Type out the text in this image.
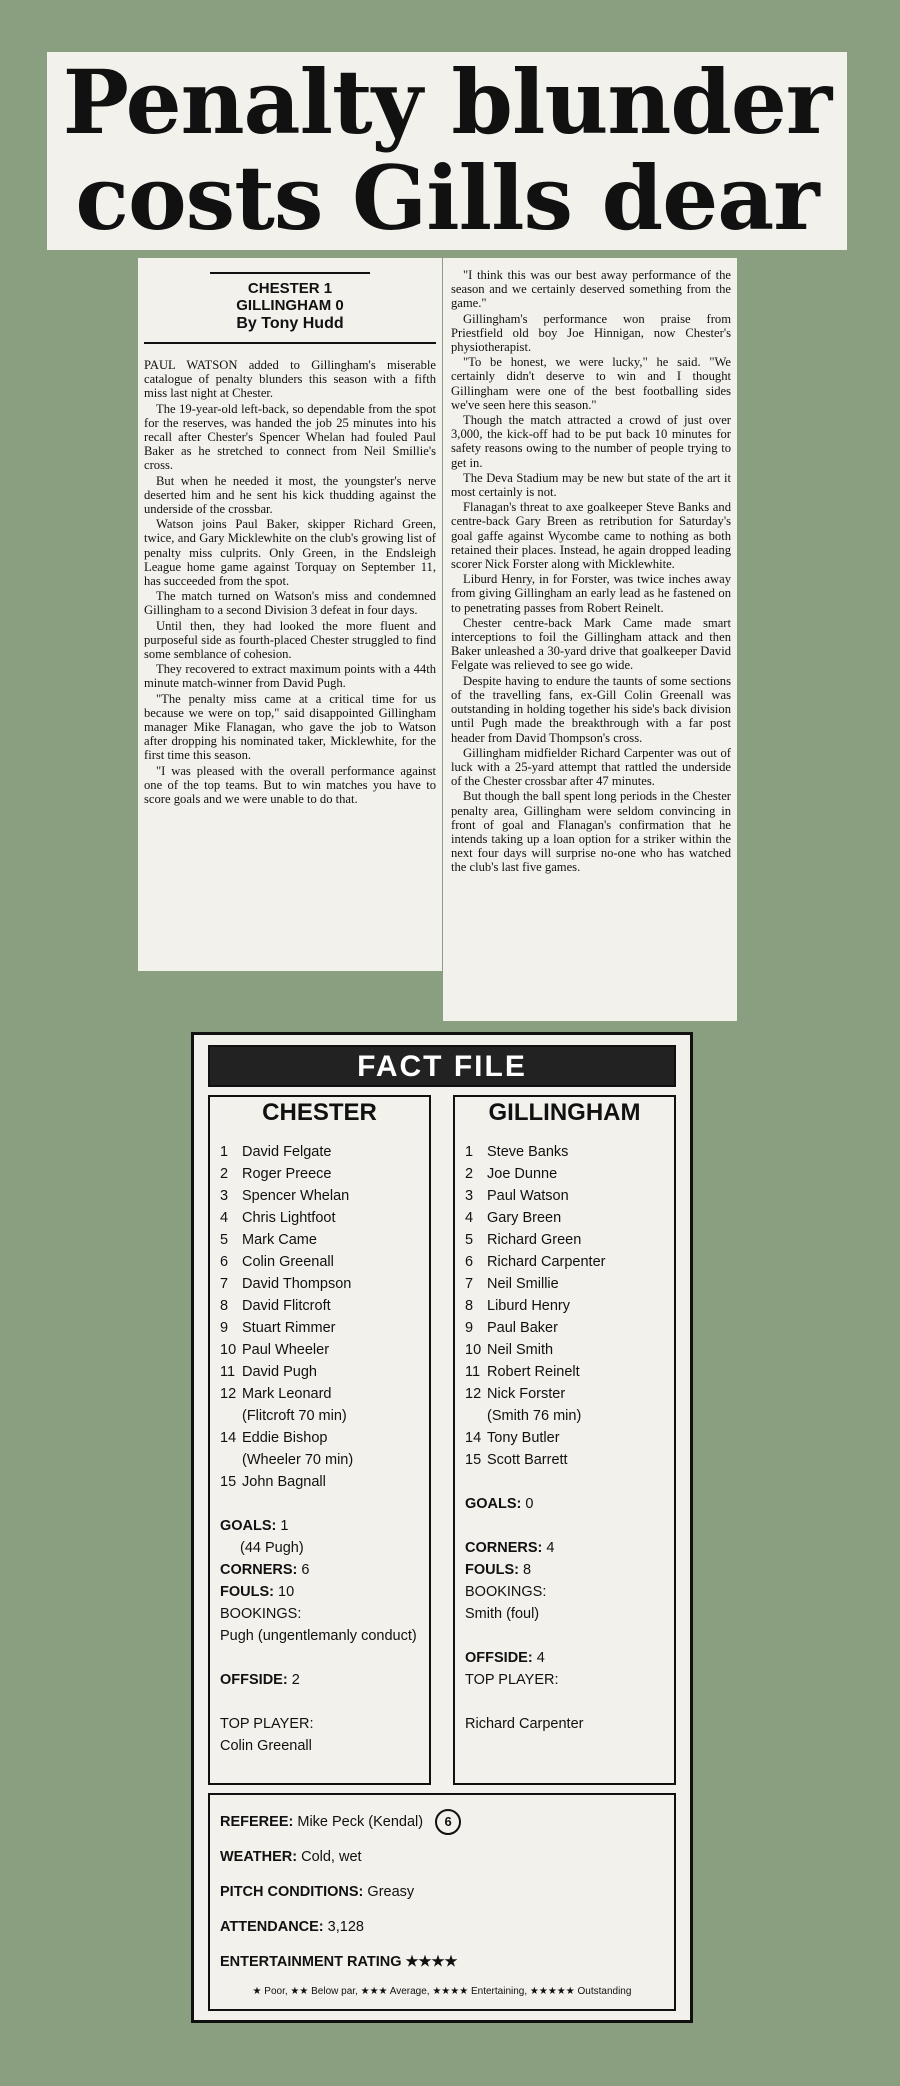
Penalty blunder
costs Gills dear
CHESTER 1
GILLINGHAM 0
By Tony Hudd

PAUL WATSON added to Gillingham's miserable catalogue of penalty blunders this season with a fifth miss last night at Chester.

The 19-year-old left-back, so dependable from the spot for the reserves, was handed the job 25 minutes into his recall after Chester's Spencer Whelan had fouled Paul Baker as he stretched to connect from Neil Smillie's cross.

But when he needed it most, the youngster's nerve deserted him and he sent his kick thudding against the underside of the crossbar.

Watson joins Paul Baker, skipper Richard Green, twice, and Gary Micklewhite on the club's growing list of penalty miss culprits. Only Green, in the Endsleigh League home game against Torquay on September 11, has succeeded from the spot.

The match turned on Watson's miss and condemned Gillingham to a second Division 3 defeat in four days.

Until then, they had looked the more fluent and purposeful side as fourth-placed Chester struggled to find some semblance of cohesion.

They recovered to extract maximum points with a 44th minute match-winner from David Pugh.

"The penalty miss came at a critical time for us because we were on top," said disappointed Gillingham manager Mike Flanagan, who gave the job to Watson after dropping his nominated taker, Micklewhite, for the first time this season.

"I was pleased with the overall performance against one of the top teams. But to win matches you have to score goals and we were unable to do that.

"I think this was our best away performance of the season and we certainly deserved something from the game."

Gillingham's performance won praise from Priestfield old boy Joe Hinnigan, now Chester's physiotherapist.

"To be honest, we were lucky," he said. "We certainly didn't deserve to win and I thought Gillingham were one of the best footballing sides we've seen here this season."

Though the match attracted a crowd of just over 3,000, the kick-off had to be put back 10 minutes for safety reasons owing to the number of people trying to get in.

The Deva Stadium may be new but state of the art it most certainly is not.

Flanagan's threat to axe goalkeeper Steve Banks and centre-back Gary Breen as retribution for Saturday's goal gaffe against Wycombe came to nothing as both retained their places. Instead, he again dropped leading scorer Nick Forster along with Micklewhite.

Liburd Henry, in for Forster, was twice inches away from giving Gillingham an early lead as he fastened on to penetrating passes from Robert Reinelt.

Chester centre-back Mark Came made smart interceptions to foil the Gillingham attack and then Baker unleashed a 30-yard drive that goalkeeper David Felgate was relieved to see go wide.

Despite having to endure the taunts of some sections of the travelling fans, ex-Gill Colin Greenall was outstanding in holding together his side's back division until Pugh made the breakthrough with a far post header from David Thompson's cross.

Gillingham midfielder Richard Carpenter was out of luck with a 25-yard attempt that rattled the underside of the Chester crossbar after 47 minutes.

But though the ball spent long periods in the Chester penalty area, Gillingham were seldom convincing in front of goal and Flanagan's confirmation that he intends taking up a loan option for a striker within the next four days will surprise no-one who has watched the club's last five games.

FACT FILE
CHESTER
1 David Felgate
2 Roger Preece
3 Spencer Whelan
4 Chris Lightfoot
5 Mark Came
6 Colin Greenall
7 David Thompson
8 David Flitcroft
9 Stuart Rimmer
10 Paul Wheeler
11 David Pugh
12 Mark Leonard
(Flitcroft 70 min)
14 Eddie Bishop
(Wheeler 70 min)
15 John Bagnall
GOALS: 1
(44 Pugh)
CORNERS: 6
FOULS: 10
BOOKINGS:
Pugh (ungentlemanly conduct)
OFFSIDE: 2
TOP PLAYER:
Colin Greenall
GILLINGHAM
1 Steve Banks
2 Joe Dunne
3 Paul Watson
4 Gary Breen
5 Richard Green
6 Richard Carpenter
7 Neil Smillie
8 Liburd Henry
9 Paul Baker
10 Neil Smith
11 Robert Reinelt
12 Nick Forster
(Smith 76 min)
14 Tony Butler
15 Scott Barrett
GOALS: 0
CORNERS: 4
FOULS: 8
BOOKINGS:
Smith (foul)
OFFSIDE: 4
TOP PLAYER:
Richard Carpenter
REFEREE: Mike Peck (Kendal) 6
WEATHER: Cold, wet
PITCH CONDITIONS: Greasy
ATTENDANCE: 3,128
ENTERTAINMENT RATING ★★★★
★ Poor, ★★ Below par, ★★★ Average, ★★★★ Entertaining, ★★★★★ Outstanding
